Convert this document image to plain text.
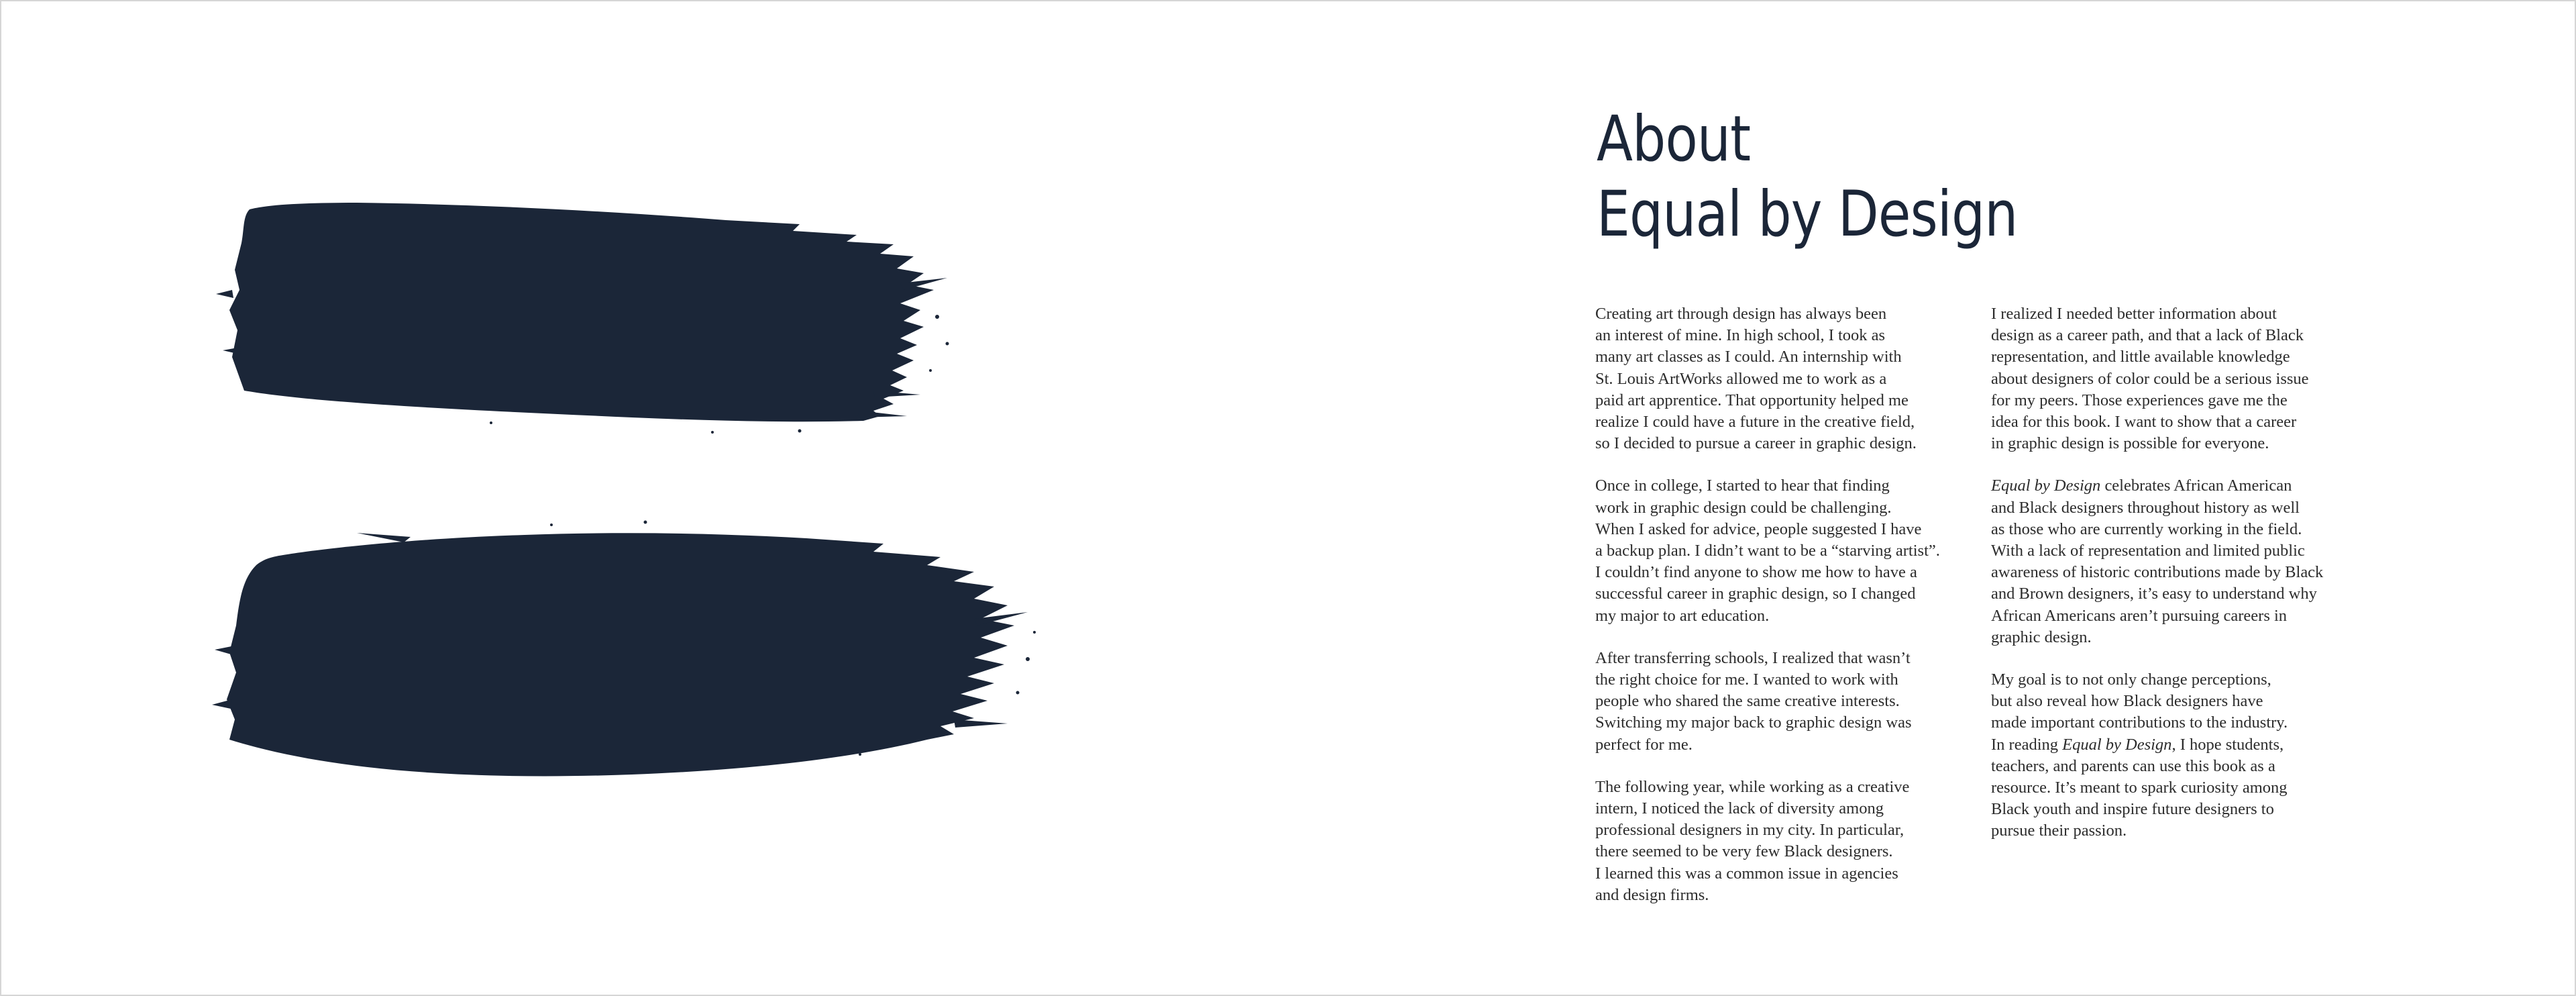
About
Equal by Design

Creating art through design has always been
an interest of mine. In high school, I took as
many art classes as I could. An internship with
St. Louis ArtWorks allowed me to work as a
paid art apprentice. That opportunity helped me
realize I could have a future in the creative field,
so I decided to pursue a career in graphic design.

Once in college, I started to hear that finding
work in graphic design could be challenging.
When I asked for advice, people suggested I have
a backup plan. I didn’t want to be a “starving artist”.
I couldn’t find anyone to show me how to have a
successful career in graphic design, so I changed
my major to art education.

After transferring schools, I realized that wasn’t
the right choice for me. I wanted to work with
people who shared the same creative interests.
Switching my major back to graphic design was
perfect for me.

The following year, while working as a creative
intern, I noticed the lack of diversity among
professional designers in my city. In particular,
there seemed to be very few Black designers.
I learned this was a common issue in agencies
and design firms.

I realized I needed better information about
design as a career path, and that a lack of Black
representation, and little available knowledge
about designers of color could be a serious issue
for my peers. Those experiences gave me the
idea for this book. I want to show that a career
in graphic design is possible for everyone.

Equal by Design celebrates African American
and Black designers throughout history as well
as those who are currently working in the field.
With a lack of representation and limited public
awareness of historic contributions made by Black
and Brown designers, it’s easy to understand why
African Americans aren’t pursuing careers in
graphic design.

My goal is to not only change perceptions,
but also reveal how Black designers have
made important contributions to the industry.
In reading Equal by Design, I hope students,
teachers, and parents can use this book as a
resource. It’s meant to spark curiosity among
Black youth and inspire future designers to
pursue their passion.
